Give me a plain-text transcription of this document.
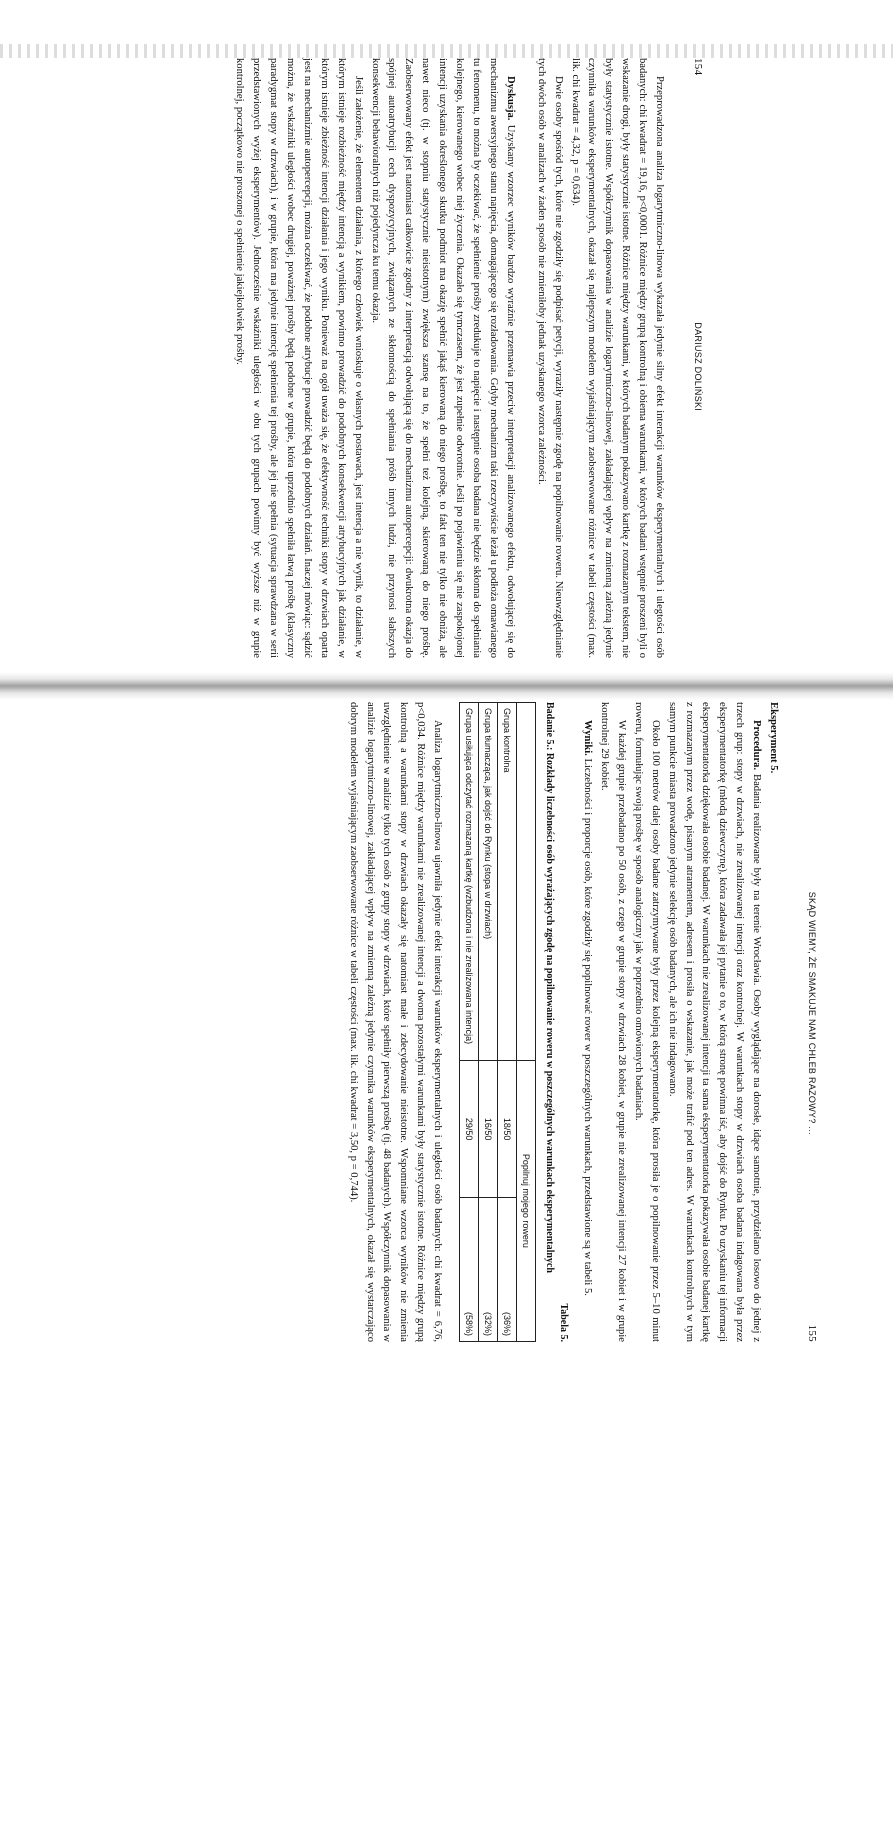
154
DARIUSZ DOLIŃSKI

Przeprowadzona analiza logarytmiczno-linowa wykazała jedynie silny efekt interakcji warunków eksperymentalnych i ulegtości osób badanych: chi kwadrat = 19,16, p<0,0001. Różnice między grupą kontrolną i obiema warunkami, w których badani wstępnie proszeni byli o wskazanie drogi, były statystycznie istotne. Różnice między warunkami, w których badanym pokazywano kartkę z rozmazanym tekstem, nie były statystycznie istotne. Współczynnik dopasowania w analizie logarytmiczno-linowej, zakładającej wpływ na zmienną zależną jedynie czynnika warunków eksperymentalnych, okazał się najlepszym modelem wyjaśniającym zaobserwowane różnice w tabeli częstości (max. lik. chi kwadrat = 4,32, p = 0,634).

Dwie osoby spośród tych, które nie zgodziły się podpisać petycji, wyraziły następnie zgodę na popilnowanie roweru. Nieuwzględnianie tych dwóch osób w analizach w żaden sposób nie zmieniłoby jednak uzyskanego wzorca zależności.

Dyskusja. Uzyskany wzorzec wyników bardzo wyraźnie przemawia przeciw interpretacji analizowanego efektu, odwołującej się do mechanizmu awersyjnego stanu napięcia, domagającego się rozładowania. Gdyby mechanizm taki rzeczywiście leżał u podłoża omawianego tu fenomenu, to można by oczekiwać, że spełnienie prośby zredukuje to napięcie i następnie osoba badana nie będzie skłonna do spełniania kolejnego, kierowanego wobec niej życzenia. Okazało się tymczasem, że jest zupełnie odwrotnie. Jeśli po pojawieniu się nie zaspokojonej intencji uzyskania określonego skutku podmiot ma okazję spełnić jakąś kierowaną do niego prośbę, to fakt ten nie tylko nie obniża, ale nawet nieco (tj. w stopniu statystycznie nieistotnym) zwiększa szansę na to, że spełni też kolejną, skierowaną do niego prośbę. Zaobserwowany efekt jest natomiast całkowicie zgodny z interpretacją odwołującą się do mechanizmu autopercepcji: dwukrotna okazja do spójnej autoatrybucji cech dyspozycyjnych, związanych ze skłonnością do spełniania próśb innych ludzi, nie przynosi słabszych konsekwencji behawioralnych niż pojedyncza ku temu okazja.

Jeśli założenie, że elementem działania, z którego człowiek wnioskuje o własnych postawach, jest intencja a nie wynik, to działanie, w którym istnieje rozbieżność między intencją a wynikiem, powinno prowadzić do podobnych konsekwencji atrybucyjnych jak działanie, w którym istnieje zbieżność intencji działania i jego wyniku. Ponieważ na ogół uważa się, że efektywność techniki stopy w drzwiach oparta jest na mechanizmie autopercepcji, można oczekiwać, że podobne atrybucje prowadzić będą do podobnych działań. Inaczej mówiąc: sądzić można, że wskaźniki uległości wobec drugiej, poważnej prośby będą podobne w grupie, która uprzednio spełniła łatwą prośbę (klasyczny paradygmat stopy w drzwiach), i w grupie, która ma jedynie intencję spełnienia tej prośby, ale jej nie spełnia (sytuacja sprawdzana w serii przedstawionych wyżej eksperymentów). Jednocześnie wskaźniki uległości w obu tych grupach powinny być wyższe niż w grupie kontrolnej, początkowo nie proszonej o spełnienie jakiejkolwiek prośby.

SKĄD WIEMY, ŻE SMAKUJE NAM CHLEB RAZOWY? ...
155

Eksperyment 5.

Procedura. Badania realizowane były na terenie Wrocławia. Osoby wyglądające na dorosłe, idące samotnie, przydzielano losowo do jednej z trzech grup: stopy w drzwiach, nie zrealizowanej intencji oraz kontrolnej. W warunkach stopy w drzwiach osoba badana indagowana była przez eksperymentatorkę (młodą dziewczynę), która zadawała jej pytanie o to, w którą stronę powinna iść, aby dojść do Rynku. Po uzyskaniu tej informacji eksperymentatorka dziękowała osobie badanej. W warunkach nie zrealizowanej intencji ta sama eksperymentatorka pokazywała osobie badanej kartkę z rozmazanym przez wodę, pisanym atramentem, adresem i prosiła o wskazanie, jak może trafić pod ten adres. W warunkach kontrolnych w tym samym punkcie miasta prowadzono jedynie selekcję osób badanych, ale ich nie indagowano.

Około 100 metrów dalej osoby badane zatrzymywane były przez kolejną eksperymentatorkę, która prosiła je o popilnowanie przez 5–10 minut roweru, formułując swoją prośbę w sposób analogiczny jak w poprzednio omówionych badaniach.

W każdej grupie przebadano po 50 osób, z czego w grupie stopy w drzwiach 28 kobiet, w grupie nie zrealizowanej intencji 27 kobiet i w grupie kontrolnej 29 kobiet.

Wyniki. Liczebności i proporcje osób, które zgodziły się popilnować rower w poszczególnych warunkach, przedstawione są w tabeli 5.

Tabela 5.
Badanie 5.: Rozkłady liczebności osób wyrażających zgodę na popilnowanie roweru w poszczególnych warunkach eksperymentalnych
	Popilnuj mojego roweru	
Grupa kontrolna	18/50	(36%)
Grupa tłumacząca, jak dojść do Rynku (stopa w drzwiach)	16/50	(32%)
Grupa usiłująca odczytać rozmazaną kartkę (wzbudzona i nie zrealizowana intencja)	29/50	(58%)

Analiza logarytmiczno-linowa ujawniła jedynie efekt interakcji warunków eksperymentalnych i uległości osób badanych: chi kwadrat = 6,76, p<0,034. Różnice między warunkami nie zrealizowanej intencji a dwoma pozostałymi warunkami były statystycznie istotne. Różnice między grupą kontrolną a warunkami stopy w drzwiach okazały się natomiast małe i zdecydowanie nieistotne. Wspomniane wzorca wyników nie zmienia uwzględnienie w analizie tylko tych osób z grupy stopy w drzwiach, które spełniły pierwszą prośbę (tj. 48 badanych). Współczynnik dopasowania w analizie logarytmiczno-linowej, zakładającej wpływ na zmienną zależną jedynie czynnika warunków eksperymentalnych, okazał się wystarczająco dobrym modelem wyjaśniającym zaobserwowane różnice w tabeli częstości (max. lik. chi kwadrat = 3,50, p = 0,744).
